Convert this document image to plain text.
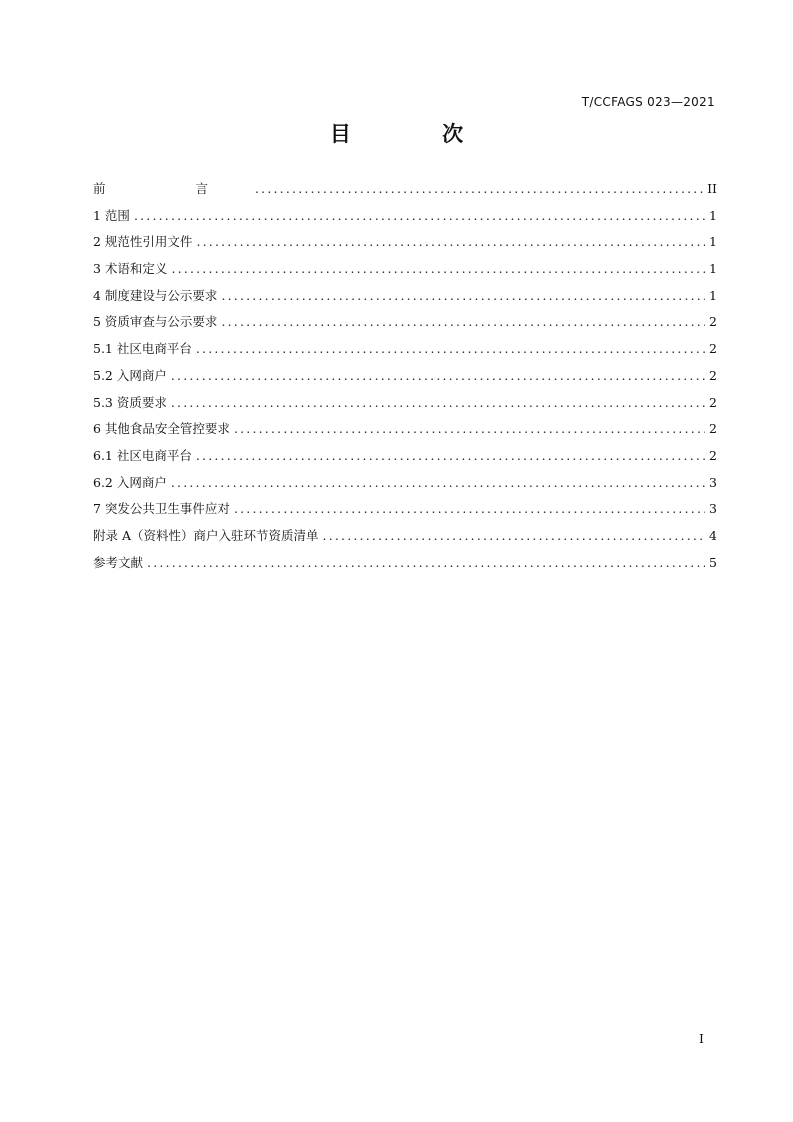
T/CCFAGS 023—2021
目 次
前 言 .....	II
1 范围 .....	1
2 规范性引用文件 .....	1
3 术语和定义 .....	1
4 制度建设与公示要求 .....	1
5 资质审查与公示要求 .....	2
5.1 社区电商平台 .....	2
5.2 入网商户 .....	2
5.3 资质要求 .....	2
6 其他食品安全管控要求 .....	2
6.1 社区电商平台 .....	2
6.2 入网商户 .....	3
7 突发公共卫生事件应对 .....	3
附录 A（资料性）商户入驻环节资质清单 .....	4
参考文献 .....	5
I
